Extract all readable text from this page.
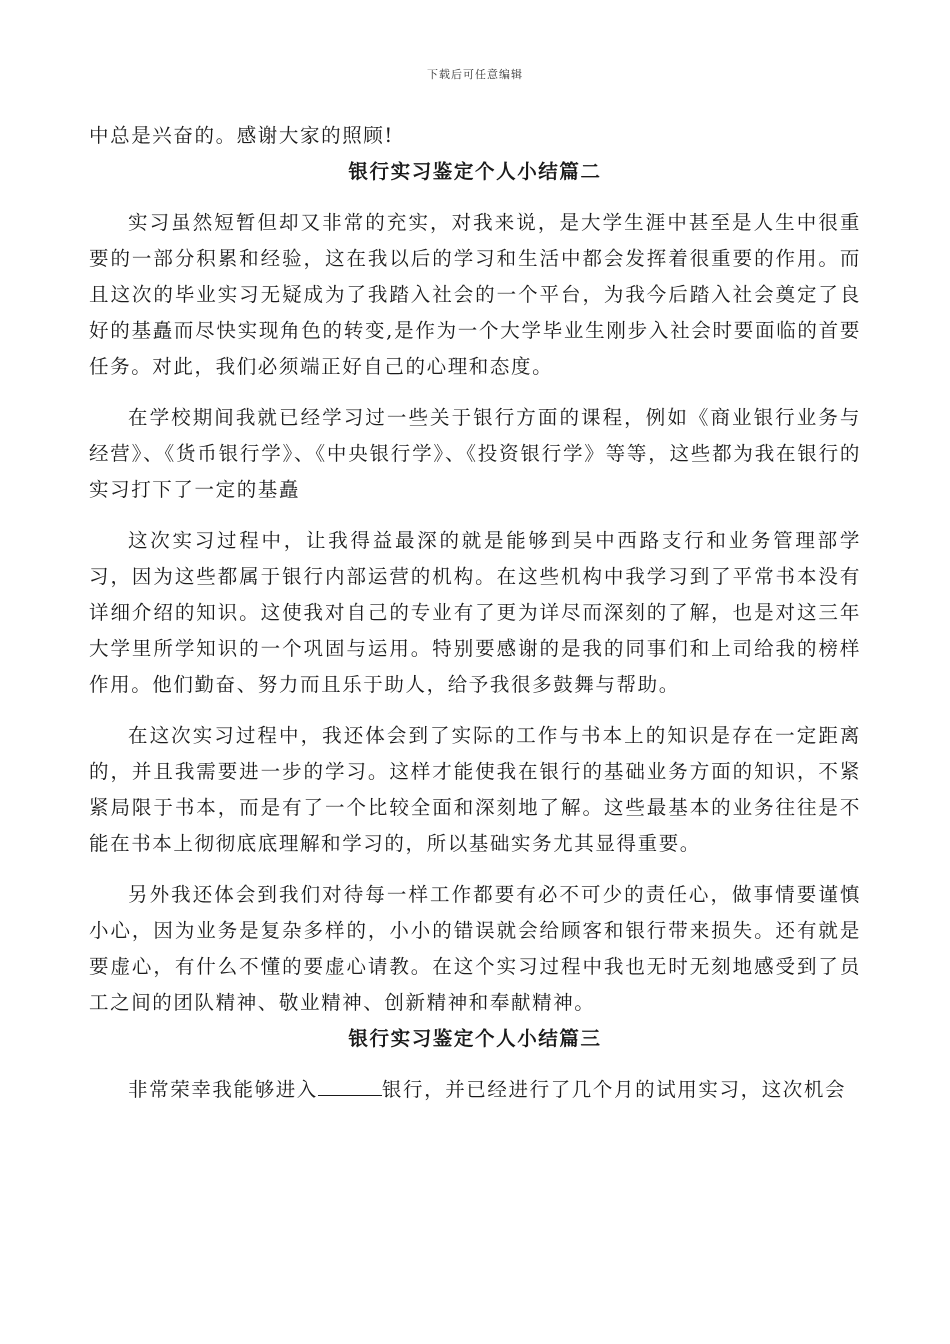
下载后可任意编辑

中总是兴奋的。感谢大家的照顾!

银行实习鉴定个人小结篇二

实习虽然短暂但却又非常的充实，对我来说，是大学生涯中甚至是人生中很重要的一部分积累和经验，这在我以后的学习和生活中都会发挥着很重要的作用。而且这次的毕业实习无疑成为了我踏入社会的一个平台，为我今后踏入社会奠定了良好的基矗而尽快实现角色的转变,是作为一个大学毕业生刚步入社会时要面临的首要任务。对此，我们必须端正好自己的心理和态度。

在学校期间我就已经学习过一些关于银行方面的课程，例如《商业银行业务与经营》、《货币银行学》、《中央银行学》、《投资银行学》等等，这些都为我在银行的实习打下了一定的基矗

这次实习过程中，让我得益最深的就是能够到吴中西路支行和业务管理部学习，因为这些都属于银行内部运营的机构。在这些机构中我学习到了平常书本没有详细介绍的知识。这使我对自己的专业有了更为详尽而深刻的了解，也是对这三年大学里所学知识的一个巩固与运用。特别要感谢的是我的同事们和上司给我的榜样作用。他们勤奋、努力而且乐于助人，给予我很多鼓舞与帮助。

在这次实习过程中，我还体会到了实际的工作与书本上的知识是存在一定距离的，并且我需要进一步的学习。这样才能使我在银行的基础业务方面的知识，不紧紧局限于书本，而是有了一个比较全面和深刻地了解。这些最基本的业务往往是不能在书本上彻彻底底理解和学习的，所以基础实务尤其显得重要。

另外我还体会到我们对待每一样工作都要有必不可少的责任心，做事情要谨慎小心，因为业务是复杂多样的，小小的错误就会给顾客和银行带来损失。还有就是要虚心，有什么不懂的要虚心请教。在这个实习过程中我也无时无刻地感受到了员工之间的团队精神、敬业精神、创新精神和奉献精神。

银行实习鉴定个人小结篇三

非常荣幸我能够进入	银行，并已经进行了几个月的试用实习，这次机会
